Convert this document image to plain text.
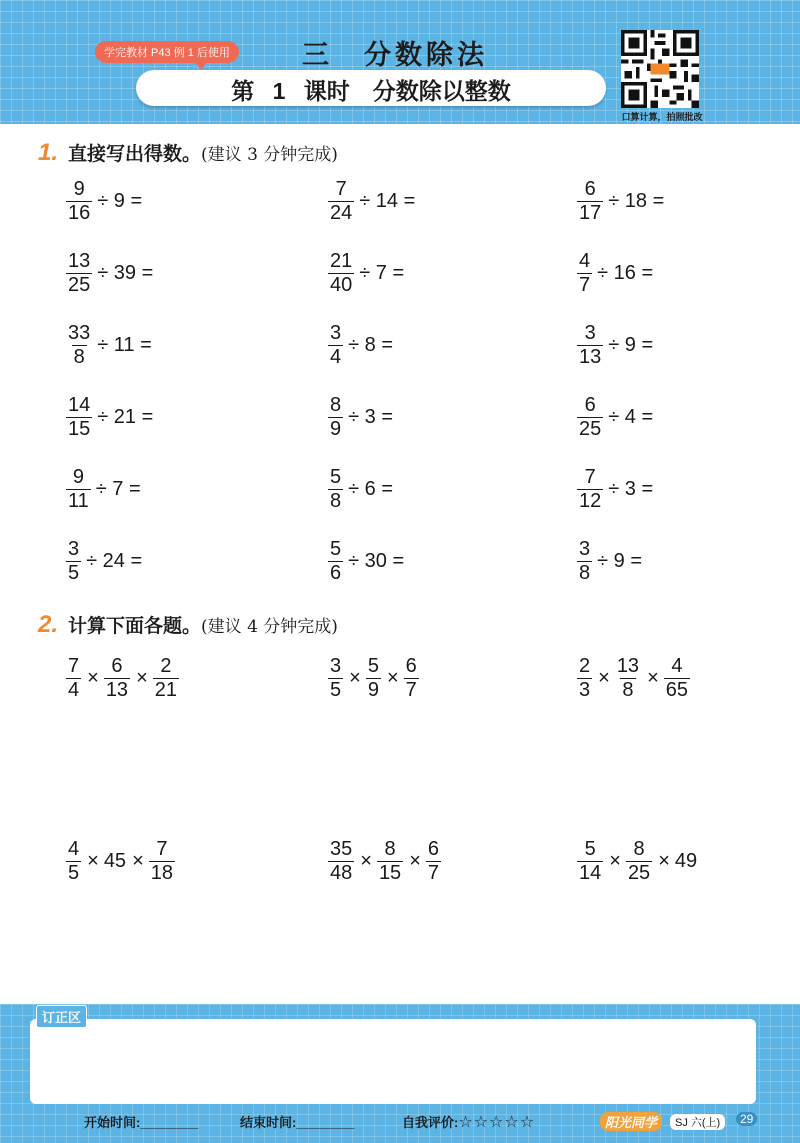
三　分数除法
学完教材 P43 例 1 后使用
第 1 课时　分数除以整数
口算计算，拍照批改
1. 直接写出得数。(建议 3 分钟完成)
$\frac{9}{16} \div 9$ =	$\frac{7}{24} \div 14$ =	$\frac{6}{17} \div 18$ =
$\frac{13}{25} \div 39$ =	$\frac{21}{40} \div 7$ =	$\frac{4}{7} \div 16$ =
$\frac{33}{8} \div 11$ =	$\frac{3}{4} \div 8$ =	$\frac{3}{13} \div 9$ =
$\frac{14}{15} \div 21$ =	$\frac{8}{9} \div 3$ =	$\frac{6}{25} \div 4$ =
$\frac{9}{11} \div 7$ =	$\frac{5}{8} \div 6$ =	$\frac{7}{12} \div 3$ =
$\frac{3}{5} \div 24$ =	$\frac{5}{6} \div 30$ =	$\frac{3}{8} \div 9$ =
2. 计算下面各题。(建议 4 分钟完成)
$\frac{7}{4} \times \frac{6}{13} \times \frac{2}{21}$	$\frac{3}{5} \times \frac{5}{9} \times \frac{6}{7}$	$\frac{2}{3} \times \frac{13}{8} \times \frac{4}{65}$
$\frac{4}{5} \times 45 \times \frac{7}{18}$	$\frac{35}{48} \times \frac{8}{15} \times \frac{6}{7}$	$\frac{5}{14} \times \frac{8}{25} \times 49$
订正区
开始时间:________	结束时间:________	自我评价:☆☆☆☆☆	阳光同学	SJ 六(上)	29
